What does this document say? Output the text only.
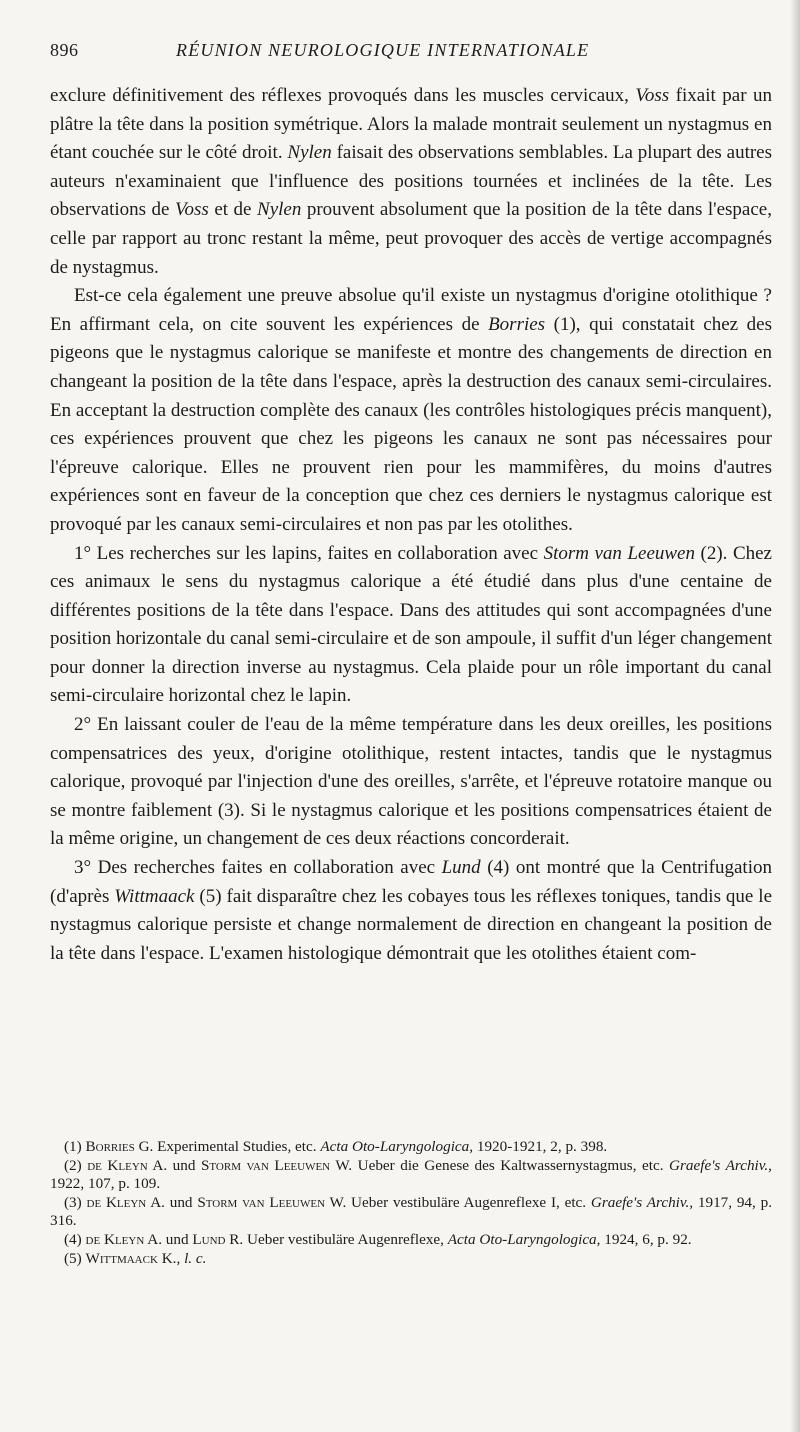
896	RÉUNION NEUROLOGIQUE INTERNATIONALE

exclure définitivement des réflexes provoqués dans les muscles cervicaux, Voss fixait par un plâtre la tête dans la position symétrique. Alors la malade montrait seulement un nystagmus en étant couchée sur le côté droit. Nylen faisait des observations semblables. La plupart des autres auteurs n'examinaient que l'influence des positions tournées et inclinées de la tête. Les observations de Voss et de Nylen prouvent absolument que la position de la tête dans l'espace, celle par rapport au tronc restant la même, peut provoquer des accès de vertige accompagnés de nystagmus.

Est-ce cela également une preuve absolue qu'il existe un nystagmus d'origine otolithique ? En affirmant cela, on cite souvent les expériences de Borries (1), qui constatait chez des pigeons que le nystagmus calorique se manifeste et montre des changements de direction en changeant la position de la tête dans l'espace, après la destruction des canaux semi-circulaires. En acceptant la destruction complète des canaux (les contrôles histologiques précis manquent), ces expériences prouvent que chez les pigeons les canaux ne sont pas nécessaires pour l'épreuve calorique. Elles ne prouvent rien pour les mammifères, du moins d'autres expériences sont en faveur de la conception que chez ces derniers le nystagmus calorique est provoqué par les canaux semi-circulaires et non pas par les otolithes.

1° Les recherches sur les lapins, faites en collaboration avec Storm van Leeuwen (2). Chez ces animaux le sens du nystagmus calorique a été étudié dans plus d'une centaine de différentes positions de la tête dans l'espace. Dans des attitudes qui sont accompagnées d'une position horizontale du canal semi-circulaire et de son ampoule, il suffit d'un léger changement pour donner la direction inverse au nystagmus. Cela plaide pour un rôle important du canal semi-circulaire horizontal chez le lapin.

2° En laissant couler de l'eau de la même température dans les deux oreilles, les positions compensatrices des yeux, d'origine otolithique, restent intactes, tandis que le nystagmus calorique, provoqué par l'injection d'une des oreilles, s'arrête, et l'épreuve rotatoire manque ou se montre faiblement (3). Si le nystagmus calorique et les positions compensatrices étaient de la même origine, un changement de ces deux réactions concorderait.

3° Des recherches faites en collaboration avec Lund (4) ont montré que la Centrifugation (d'après Wittmaack (5) fait disparaître chez les cobayes tous les réflexes toniques, tandis que le nystagmus calorique persiste et change normalement de direction en changeant la position de la tête dans l'espace. L'examen histologique démontrait que les otolithes étaient com-

(1) Borries G. Experimental Studies, etc. Acta Oto-Laryngologica, 1920-1921, 2, p. 398.

(2) de Kleyn A. und Storm van Leeuwen W. Ueber die Genese des Kaltwassernystagmus, etc. Graefe's Archiv., 1922, 107, p. 109.

(3) de Kleyn A. und Storm van Leeuwen W. Ueber vestibuläre Augenreflexe I, etc. Graefe's Archiv., 1917, 94, p. 316.

(4) de Kleyn A. und Lund R. Ueber vestibuläre Augenreflexe, Acta Oto-Laryngologica, 1924, 6, p. 92.

(5) Wittmaack K., l. c.
